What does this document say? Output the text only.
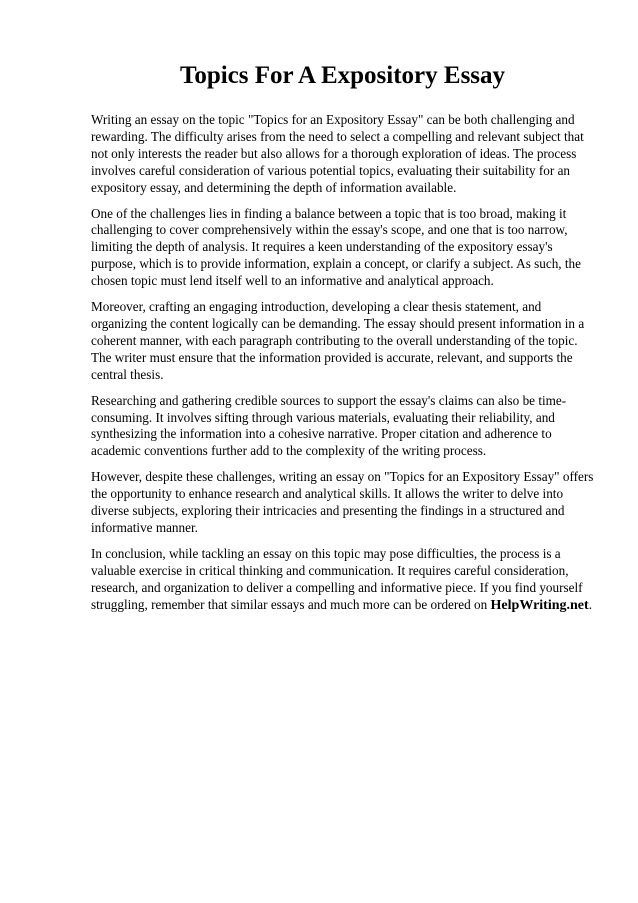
Topics For A Expository Essay

Writing an essay on the topic "Topics for an Expository Essay" can be both challenging and rewarding. The difficulty arises from the need to select a compelling and relevant subject that not only interests the reader but also allows for a thorough exploration of ideas. The process involves careful consideration of various potential topics, evaluating their suitability for an expository essay, and determining the depth of information available.

One of the challenges lies in finding a balance between a topic that is too broad, making it challenging to cover comprehensively within the essay's scope, and one that is too narrow, limiting the depth of analysis. It requires a keen understanding of the expository essay's purpose, which is to provide information, explain a concept, or clarify a subject. As such, the chosen topic must lend itself well to an informative and analytical approach.

Moreover, crafting an engaging introduction, developing a clear thesis statement, and organizing the content logically can be demanding. The essay should present information in a coherent manner, with each paragraph contributing to the overall understanding of the topic. The writer must ensure that the information provided is accurate, relevant, and supports the central thesis.

Researching and gathering credible sources to support the essay's claims can also be time-consuming. It involves sifting through various materials, evaluating their reliability, and synthesizing the information into a cohesive narrative. Proper citation and adherence to academic conventions further add to the complexity of the writing process.

However, despite these challenges, writing an essay on "Topics for an Expository Essay" offers the opportunity to enhance research and analytical skills. It allows the writer to delve into diverse subjects, exploring their intricacies and presenting the findings in a structured and informative manner.

In conclusion, while tackling an essay on this topic may pose difficulties, the process is a valuable exercise in critical thinking and communication. It requires careful consideration, research, and organization to deliver a compelling and informative piece. If you find yourself struggling, remember that similar essays and much more can be ordered on HelpWriting.net.
